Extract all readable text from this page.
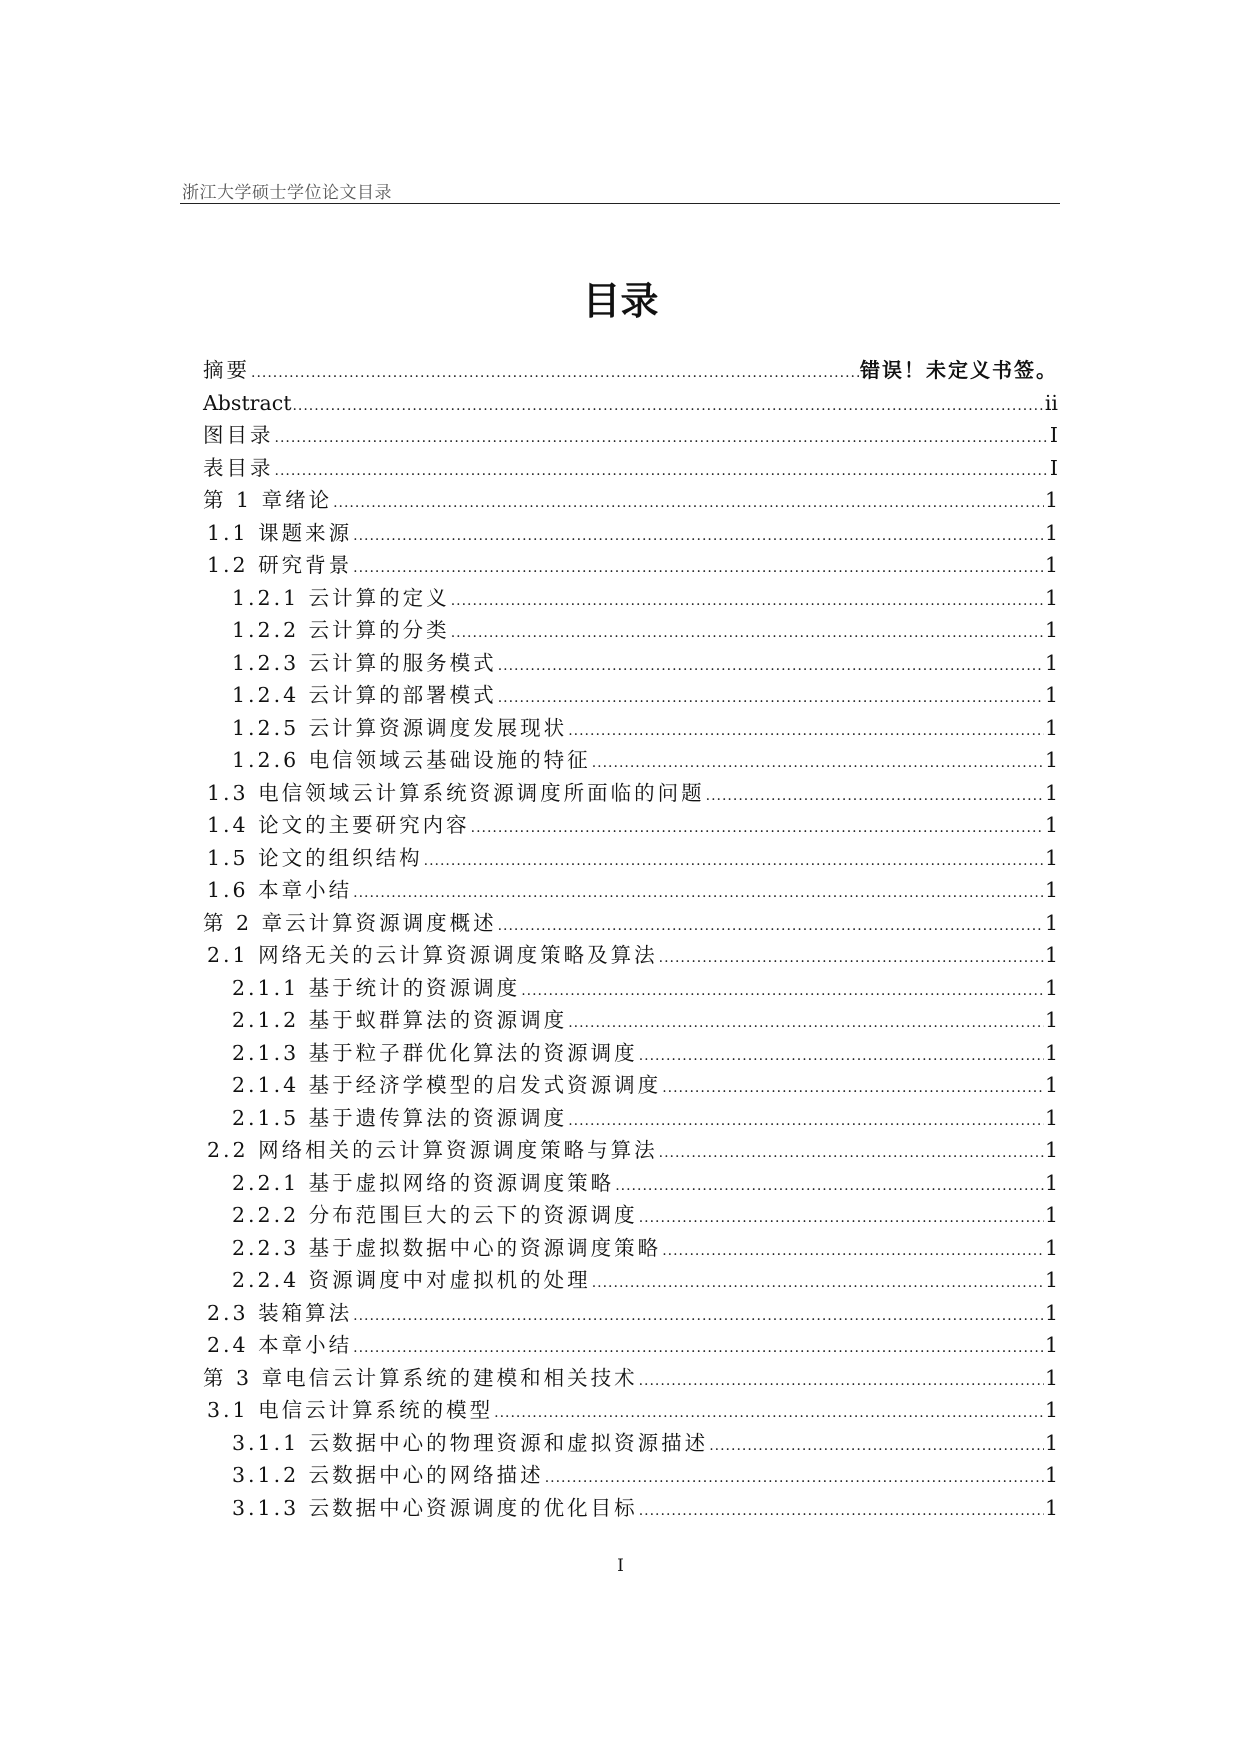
浙江大学硕士学位论文目录
目录
摘要 .....	错误！未定义书签。
Abstract .....	ii
图目录 .....	I
表目录 .....	I
第 1 章绪论 .....	1
1.1 课题来源 .....	1
1.2 研究背景 .....	1
1.2.1 云计算的定义 .....	1
1.2.2 云计算的分类 .....	1
1.2.3 云计算的服务模式 .....	1
1.2.4 云计算的部署模式 .....	1
1.2.5 云计算资源调度发展现状 .....	1
1.2.6 电信领域云基础设施的特征 .....	1
1.3 电信领域云计算系统资源调度所面临的问题 .....	1
1.4 论文的主要研究内容 .....	1
1.5 论文的组织结构 .....	1
1.6 本章小结 .....	1
第 2 章云计算资源调度概述 .....	1
2.1 网络无关的云计算资源调度策略及算法 .....	1
2.1.1 基于统计的资源调度 .....	1
2.1.2 基于蚁群算法的资源调度 .....	1
2.1.3 基于粒子群优化算法的资源调度 .....	1
2.1.4 基于经济学模型的启发式资源调度 .....	1
2.1.5 基于遗传算法的资源调度 .....	1
2.2 网络相关的云计算资源调度策略与算法 .....	1
2.2.1 基于虚拟网络的资源调度策略 .....	1
2.2.2 分布范围巨大的云下的资源调度 .....	1
2.2.3 基于虚拟数据中心的资源调度策略 .....	1
2.2.4 资源调度中对虚拟机的处理 .....	1
2.3 装箱算法 .....	1
2.4 本章小结 .....	1
第 3 章电信云计算系统的建模和相关技术 .....	1
3.1 电信云计算系统的模型 .....	1
3.1.1 云数据中心的物理资源和虚拟资源描述 .....	1
3.1.2 云数据中心的网络描述 .....	1
3.1.3 云数据中心资源调度的优化目标 .....	1
I
